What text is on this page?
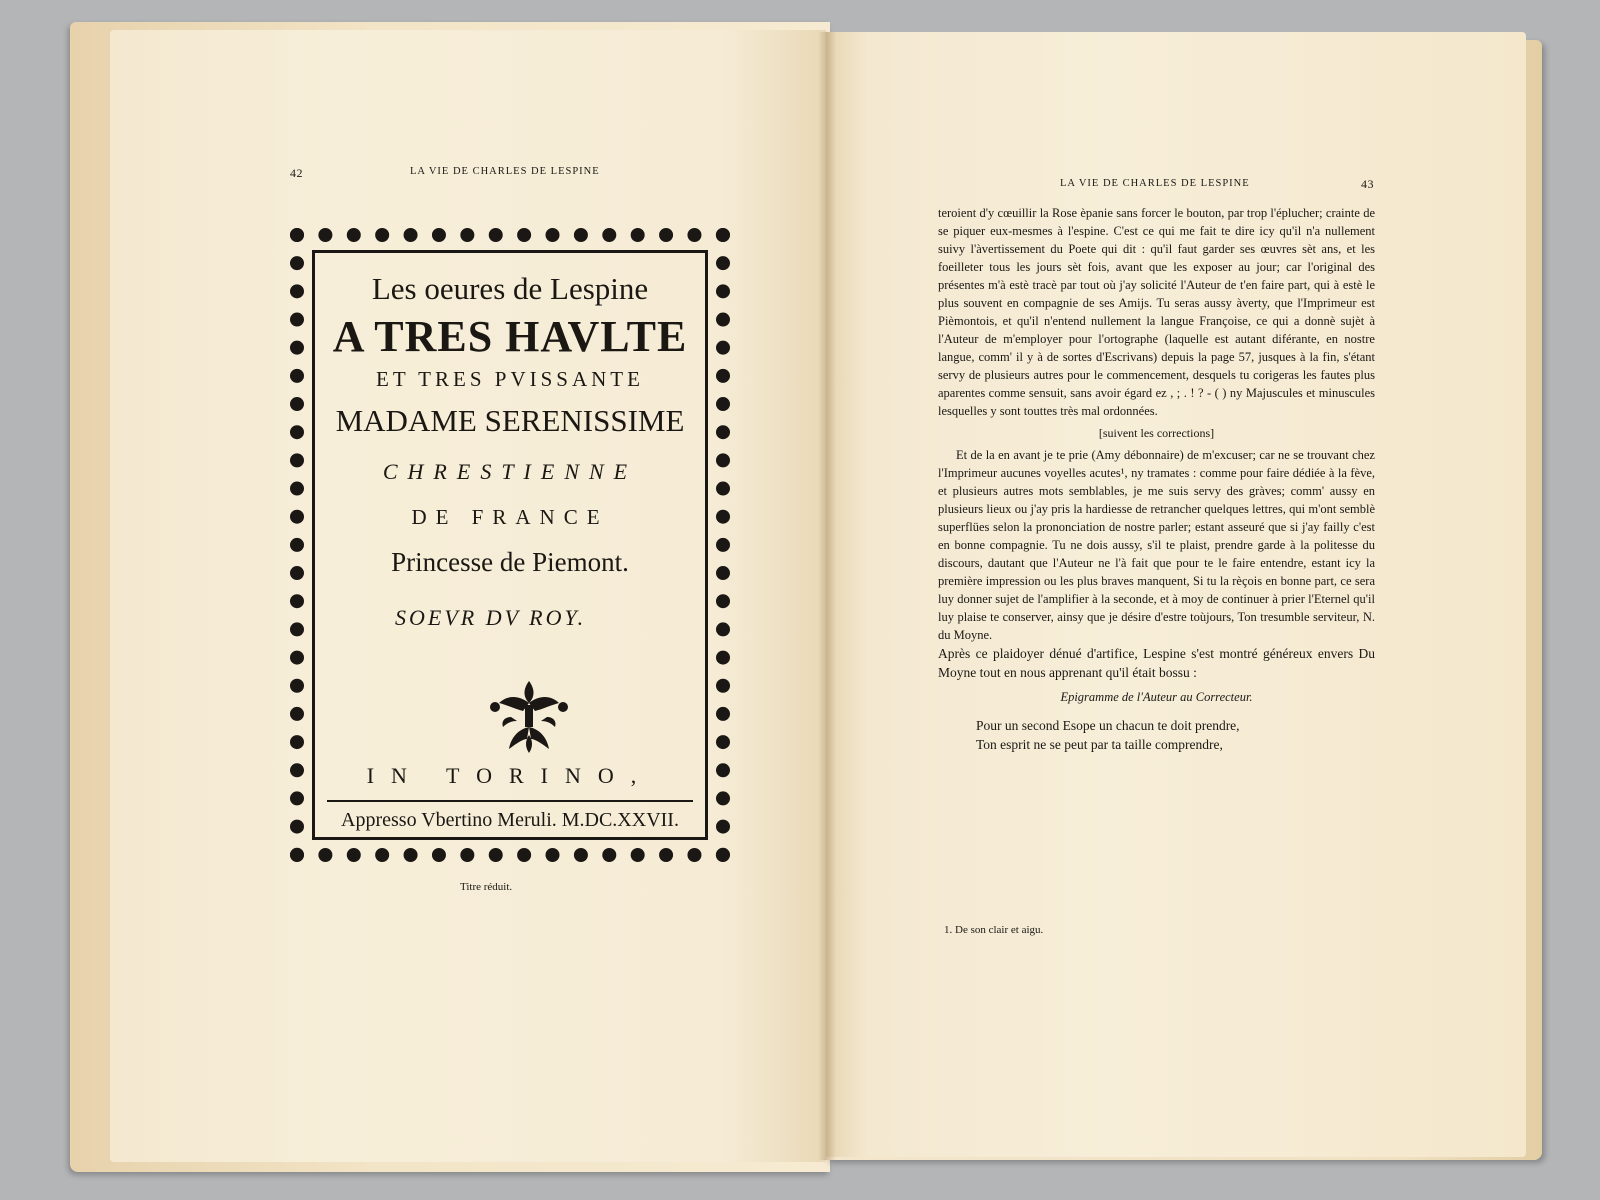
42	LA VIE DE CHARLES DE LESPINE
Les oeures de Lespine
A TRES HAVLTE
ET TRES PVISSANTE
MADAME SERENISSIME
CHRESTIENNE
DE FRANCE
Princesse de Piemont.
SOEVR DV ROY.
IN TORINO,
Appresso Vbertino Meruli. M.DC.XXVII.
Titre réduit.
LA VIE DE CHARLES DE LESPINE	43

teroient d'y cœuillir la Rose èpanie sans forcer le bouton, par trop l'éplucher; crainte de se piquer eux-mesmes à l'espine. C'est ce qui me fait te dire icy qu'il n'a nullement suivy l'àvertissement du Poete qui dit : qu'il faut garder ses œuvres sèt ans, et les foeilleter tous les jours sèt fois, avant que les exposer au jour; car l'original des présentes m'à estè tracè par tout où j'ay solicité l'Auteur de t'en faire part, qui à estè le plus souvent en compagnie de ses Amijs. Tu seras aussy àverty, que l'Imprimeur est Pièmontois, et qu'il n'entend nullement la langue Françoise, ce qui a donnè sujèt à l'Auteur de m'employer pour l'ortographe (laquelle est autant diférante, en nostre langue, comm' il y à de sortes d'Escrivans) depuis la page 57, jusques à la fin, s'étant servy de plusieurs autres pour le commencement, desquels tu corigeras les fautes plus aparentes comme sensuit, sans avoir égard ez , ; . ! ? - ( ) ny Majuscules et minuscules lesquelles y sont touttes très mal ordonnées.

[suivent les corrections]

Et de la en avant je te prie (Amy débonnaire) de m'excuser; car ne se trouvant chez l'Imprimeur aucunes voyelles acutes¹, ny tramates : comme pour faire dédiée à la fève, et plusieurs autres mots semblables, je me suis servy des gràves; comm' aussy en plusieurs lieux ou j'ay pris la hardiesse de retrancher quelques lettres, qui m'ont semblè superflües selon la prononciation de nostre parler; estant asseuré que si j'ay failly c'est en bonne compagnie. Tu ne dois aussy, s'il te plaist, prendre garde à la politesse du discours, dautant que l'Auteur ne l'à fait que pour te le faire entendre, estant icy la première impression ou les plus braves manquent, Si tu la rèçois en bonne part, ce sera luy donner sujet de l'amplifier à la seconde, et à moy de continuer à prier l'Eternel qu'il luy plaise te conserver, ainsy que je désire d'estre toùjours, Ton tresumble serviteur, N. du Moyne.

Après ce plaidoyer dénué d'artifice, Lespine s'est montré généreux envers Du Moyne tout en nous apprenant qu'il était bossu :

Epigramme de l'Auteur au Correcteur.
Pour un second Esope un chacun te doit prendre,
Ton esprit ne se peut par ta taille comprendre,
1. De son clair et aigu.
